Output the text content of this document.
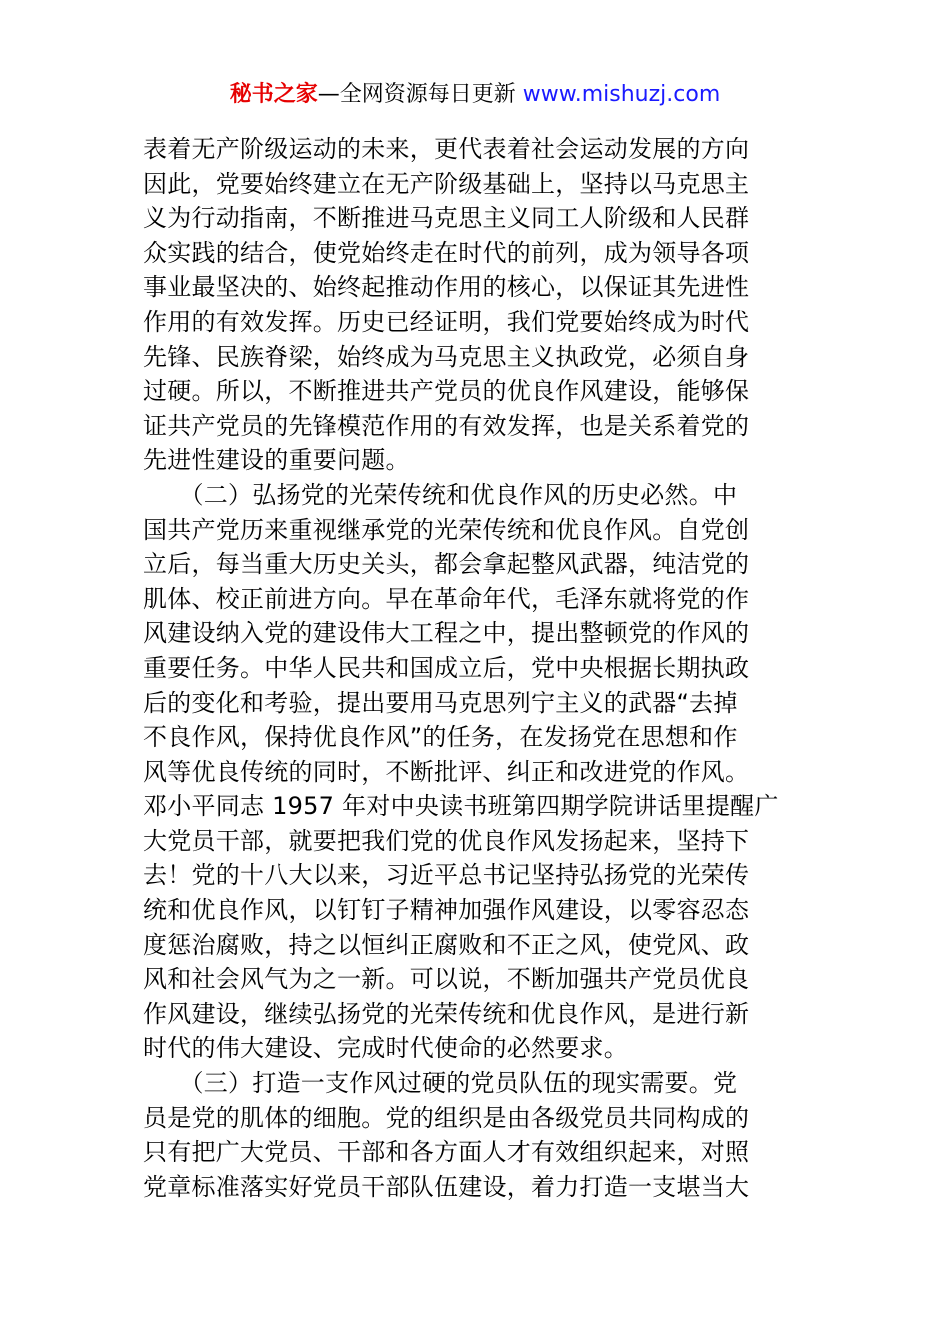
秘书之家—全网资源每日更新 www.mishuzj.com
表着无产阶级运动的未来，更代表着社会运动发展的方向
因此，党要始终建立在无产阶级基础上，坚持以马克思主
义为行动指南，不断推进马克思主义同工人阶级和人民群
众实践的结合，使党始终走在时代的前列，成为领导各项
事业最坚决的、始终起推动作用的核心，以保证其先进性
作用的有效发挥。历史已经证明，我们党要始终成为时代
先锋、民族脊梁，始终成为马克思主义执政党，必须自身
过硬。所以，不断推进共产党员的优良作风建设，能够保
证共产党员的先锋模范作用的有效发挥，也是关系着党的
先进性建设的重要问题。
　　（二）弘扬党的光荣传统和优良作风的历史必然。中
国共产党历来重视继承党的光荣传统和优良作风。自党创
立后，每当重大历史关头，都会拿起整风武器，纯洁党的
肌体、校正前进方向。早在革命年代，毛泽东就将党的作
风建设纳入党的建设伟大工程之中，提出整顿党的作风的
重要任务。中华人民共和国成立后，党中央根据长期执政
后的变化和考验，提出要用马克思列宁主义的武器“去掉
不良作风，保持优良作风”的任务，在发扬党在思想和作
风等优良传统的同时，不断批评、纠正和改进党的作风。
邓小平同志 1957 年对中央读书班第四期学院讲话里提醒广
大党员干部，就要把我们党的优良作风发扬起来，坚持下
去！党的十八大以来，习近平总书记坚持弘扬党的光荣传
统和优良作风，以钉钉子精神加强作风建设，以零容忍态
度惩治腐败，持之以恒纠正腐败和不正之风，使党风、政
风和社会风气为之一新。可以说，不断加强共产党员优良
作风建设，继续弘扬党的光荣传统和优良作风，是进行新
时代的伟大建设、完成时代使命的必然要求。
　　（三）打造一支作风过硬的党员队伍的现实需要。党
员是党的肌体的细胞。党的组织是由各级党员共同构成的
只有把广大党员、干部和各方面人才有效组织起来，对照
党章标准落实好党员干部队伍建设，着力打造一支堪当大
